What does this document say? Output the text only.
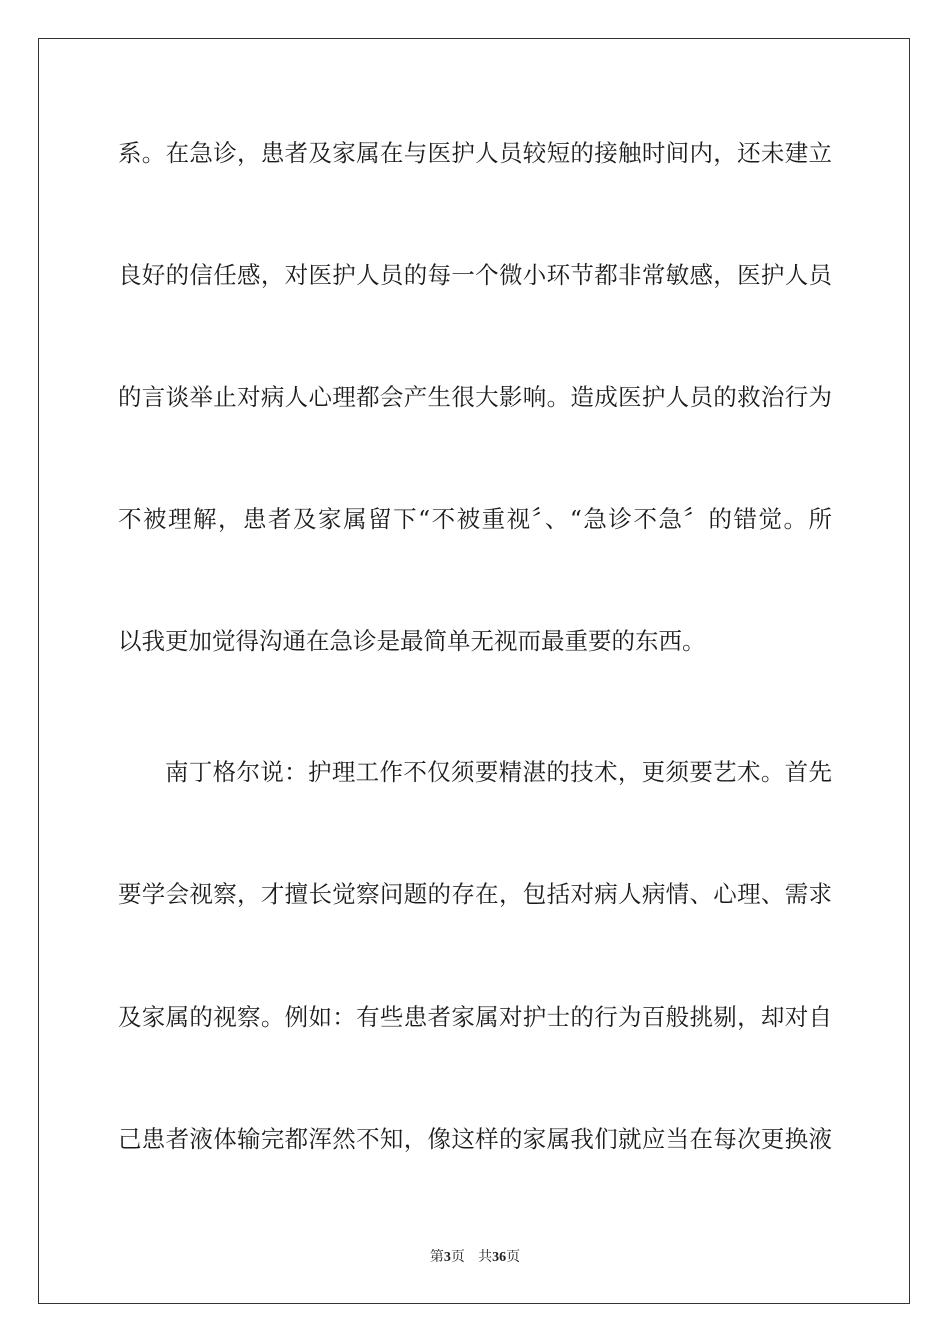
系。在急诊，患者及家属在与医护人员较短的接触时间内，还未建立
良好的信任感，对医护人员的每一个微小环节都非常敏感，医护人员
的言谈举止对病人心理都会产生很大影响。造成医护人员的救治行为
不被理解，患者及家属留下“不被重视〞、“急诊不急〞的错觉。所
以我更加觉得沟通在急诊是最简单无视而最重要的东西。
南丁格尔说：护理工作不仅须要精湛的技术，更须要艺术。首先
要学会视察，才擅长觉察问题的存在，包括对病人病情、心理、需求
及家属的视察。例如：有些患者家属对护士的行为百般挑剔，却对自
己患者液体输完都浑然不知，像这样的家属我们就应当在每次更换液
第3页 共36页
